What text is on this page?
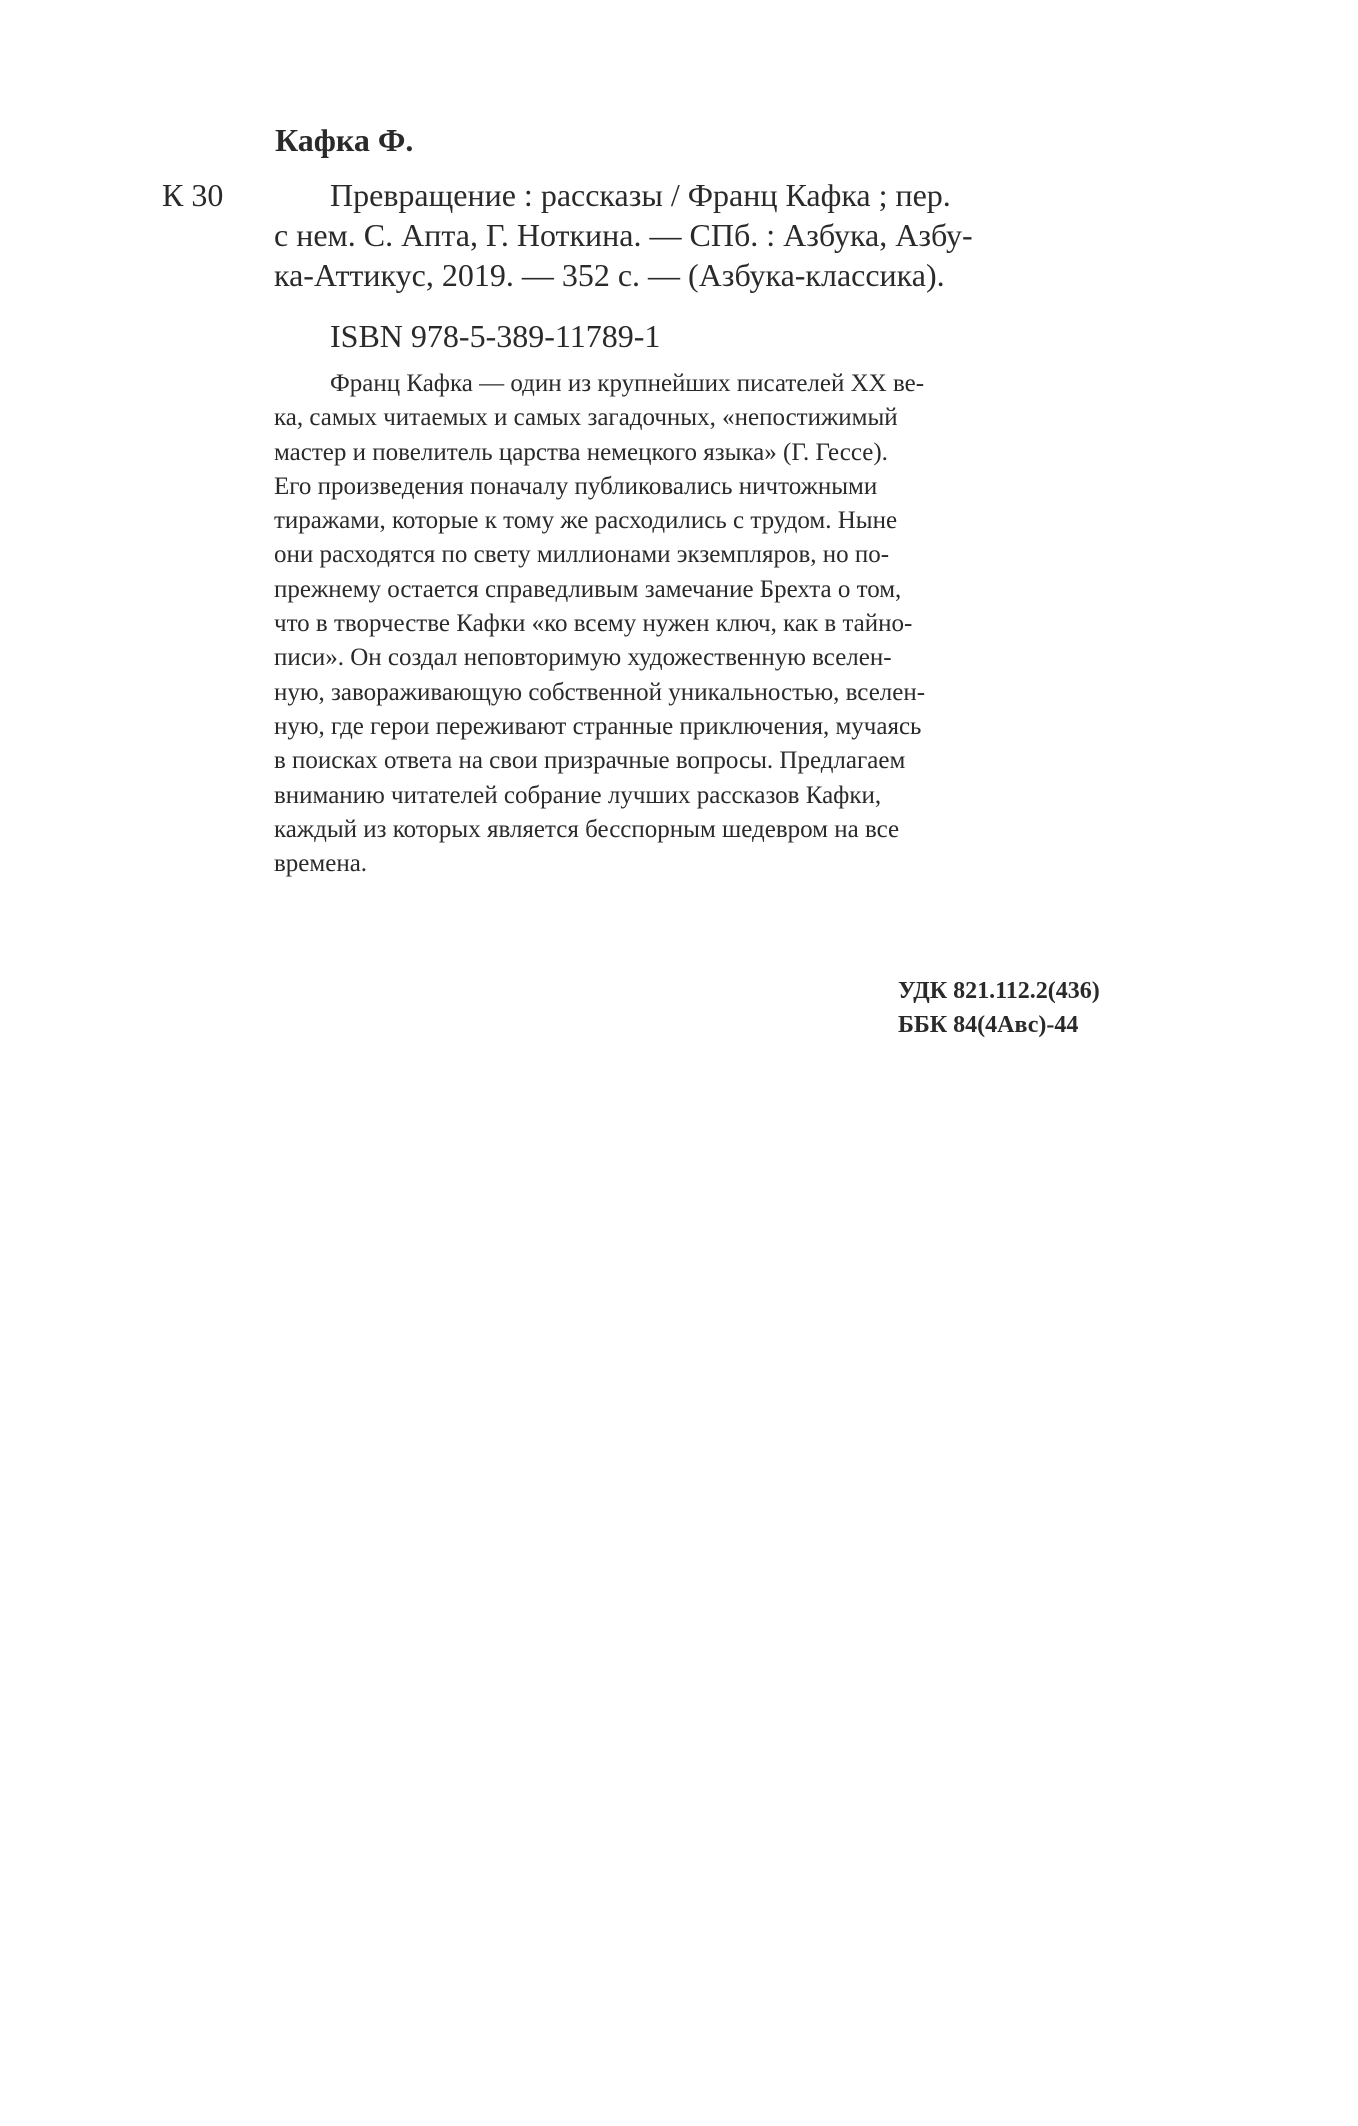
Кафка Ф.
К 30	Превращение : рассказы / Франц Кафка ; пер.
с нем. С. Апта, Г. Ноткина. — СПб. : Азбука, Азбу-
ка-Аттикус, 2019. — 352 с. — (Азбука-классика).
ISBN 978-5-389-11789-1
Франц Кафка — один из крупнейших писателей XX ве-
ка, самых читаемых и самых загадочных, «непостижимый
мастер и повелитель царства немецкого языка» (Г. Гессе).
Его произведения поначалу публиковались ничтожными
тиражами, которые к тому же расходились с трудом. Ныне
они расходятся по свету миллионами экземпляров, но по-
прежнему остается справедливым замечание Брехта о том,
что в творчестве Кафки «ко всему нужен ключ, как в тайно-
писи». Он создал неповторимую художественную вселен-
ную, завораживающую собственной уникальностью, вселен-
ную, где герои переживают странные приключения, мучаясь
в поисках ответа на свои призрачные вопросы. Предлагаем
вниманию читателей собрание лучших рассказов Кафки,
каждый из которых является бесспорным шедевром на все
времена.
УДК 821.112.2(436)
ББК 84(4Авс)-44
